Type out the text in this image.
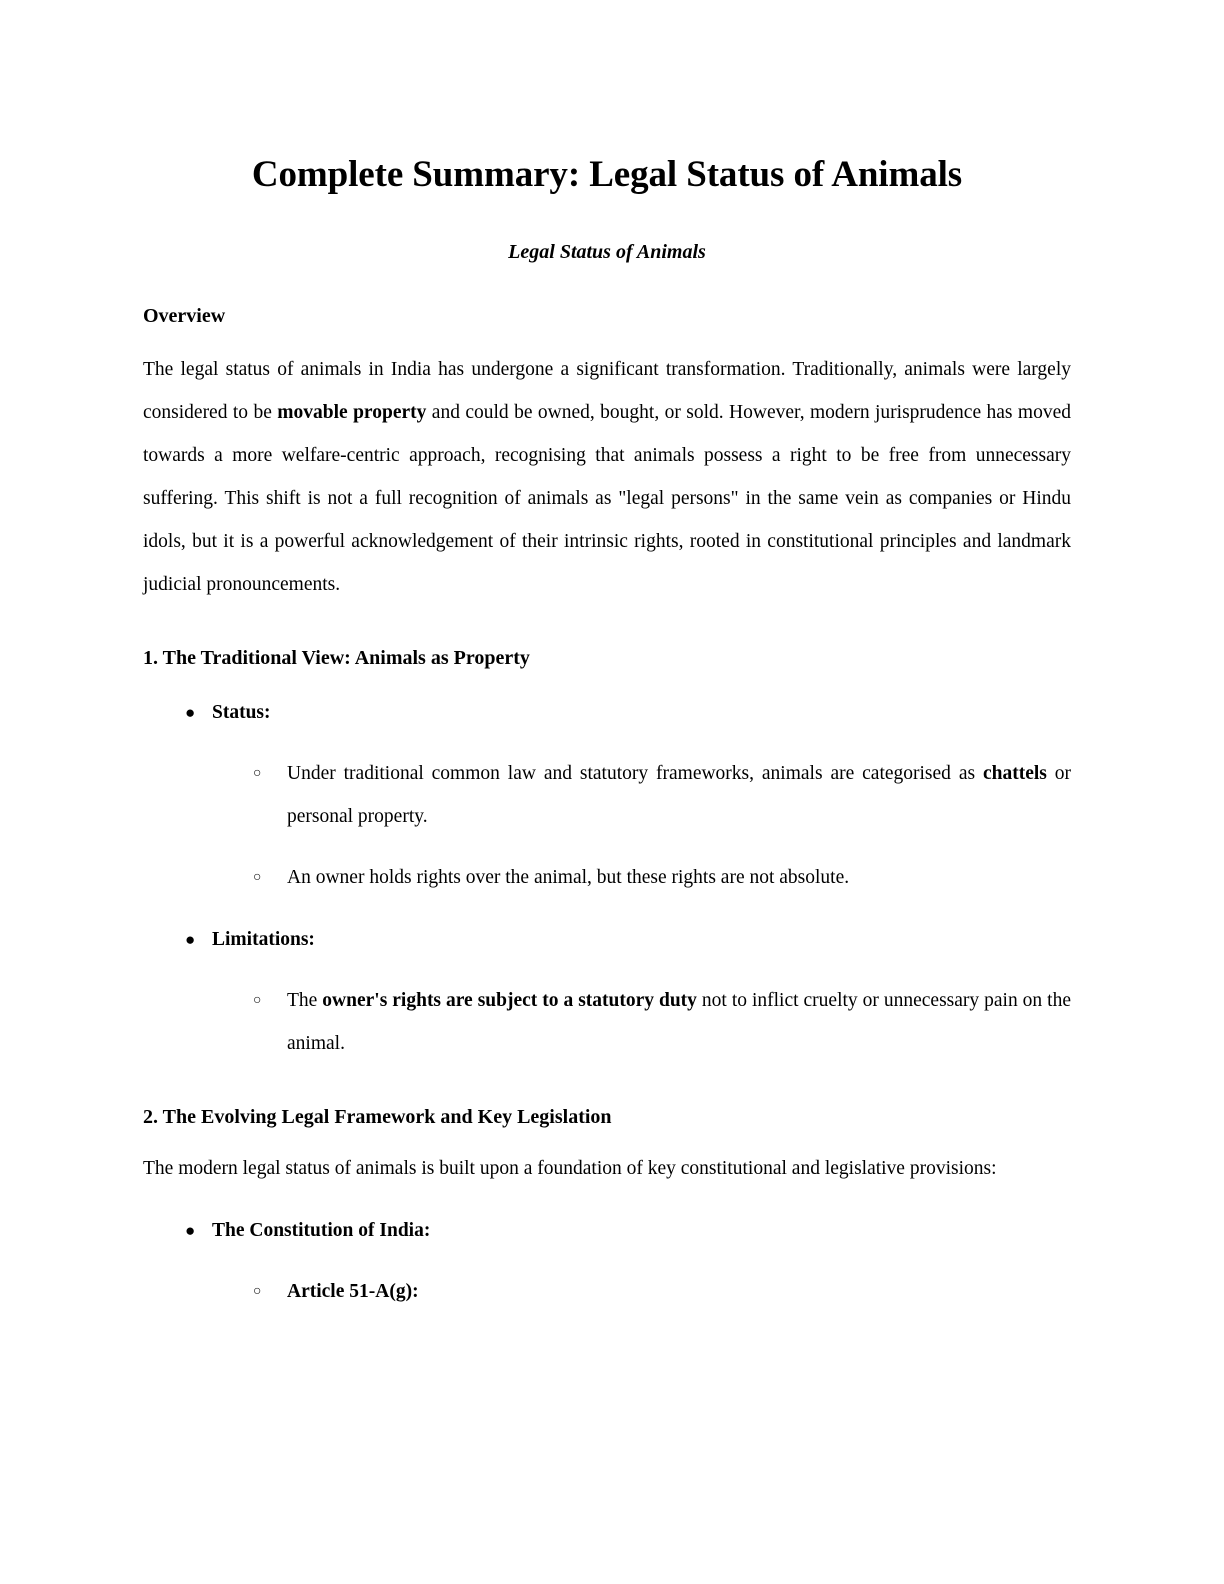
Complete Summary: Legal Status of Animals

Legal Status of Animals

Overview

The legal status of animals in India has undergone a significant transformation. Traditionally, animals were largely considered to be movable property and could be owned, bought, or sold. However, modern jurisprudence has moved towards a more welfare-centric approach, recognising that animals possess a right to be free from unnecessary suffering. This shift is not a full recognition of animals as "legal persons" in the same vein as companies or Hindu idols, but it is a powerful acknowledgement of their intrinsic rights, rooted in constitutional principles and landmark judicial pronouncements.

1. The Traditional View: Animals as Property

● Status:

○ Under traditional common law and statutory frameworks, animals are categorised as chattels or personal property.

○ An owner holds rights over the animal, but these rights are not absolute.

● Limitations:

○ The owner's rights are subject to a statutory duty not to inflict cruelty or unnecessary pain on the animal.

2. The Evolving Legal Framework and Key Legislation

The modern legal status of animals is built upon a foundation of key constitutional and legislative provisions:

● The Constitution of India:

○ Article 51-A(g):
